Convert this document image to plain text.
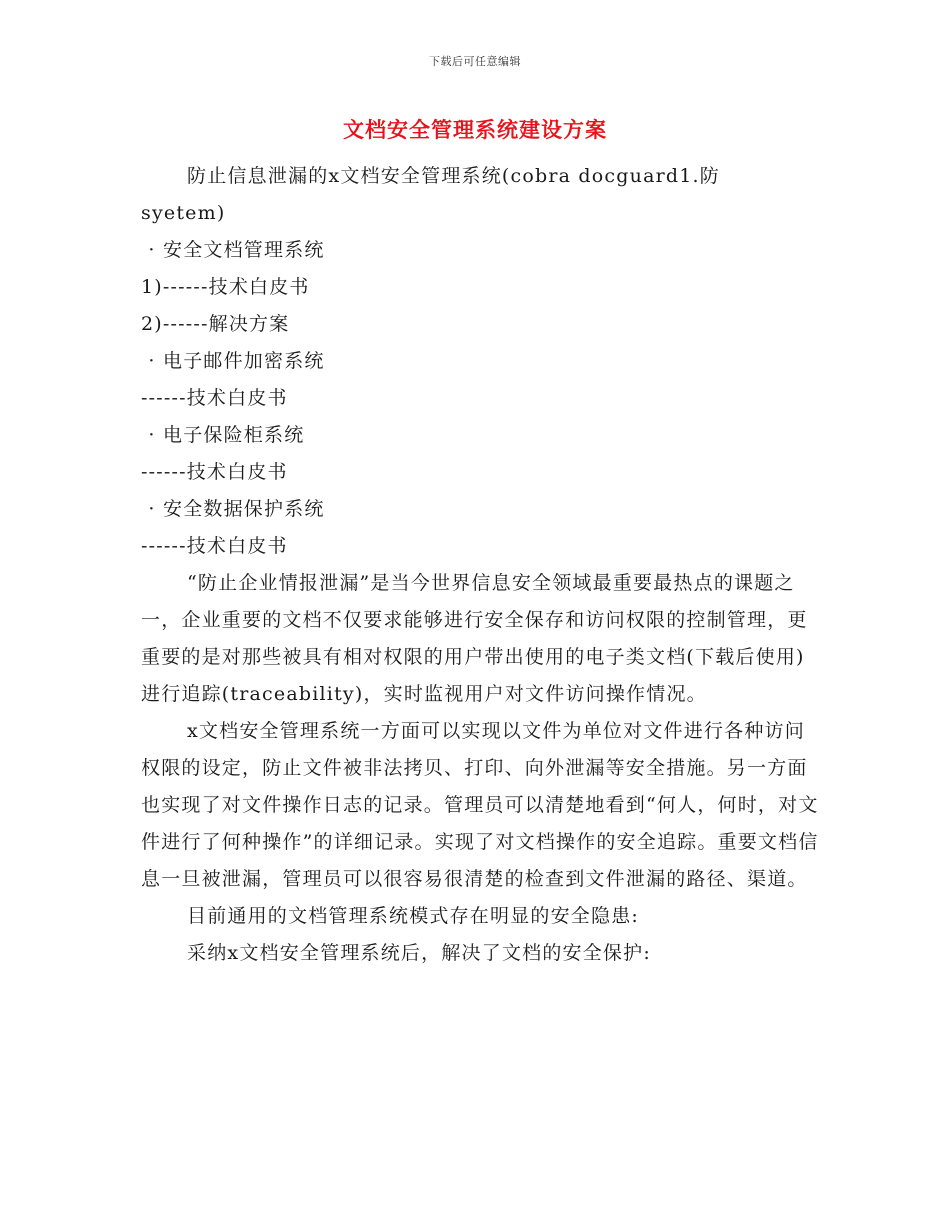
下载后可任意编辑
文档安全管理系统建设方案

防止信息泄漏的x文档安全管理系统(cobra docguard1.防

syetem)

· 安全文档管理系统

1)------技术白皮书

2)------解决方案

· 电子邮件加密系统

------技术白皮书

· 电子保险柜系统

------技术白皮书

· 安全数据保护系统

------技术白皮书

“防止企业情报泄漏”是当今世界信息安全领域最重要最热点的课题之一，企业重要的文档不仅要求能够进行安全保存和访问权限的控制管理，更重要的是对那些被具有相对权限的用户带出使用的电子类文档(下载后使用)进行追踪(traceability)，实时监视用户对文件访问操作情况。

x文档安全管理系统一方面可以实现以文件为单位对文件进行各种访问权限的设定，防止文件被非法拷贝、打印、向外泄漏等安全措施。另一方面也实现了对文件操作日志的记录。管理员可以清楚地看到“何人，何时，对文件进行了何种操作”的详细记录。实现了对文档操作的安全追踪。重要文档信息一旦被泄漏，管理员可以很容易很清楚的检查到文件泄漏的路径、渠道。

目前通用的文档管理系统模式存在明显的安全隐患:

采纳x文档安全管理系统后，解决了文档的安全保护:
